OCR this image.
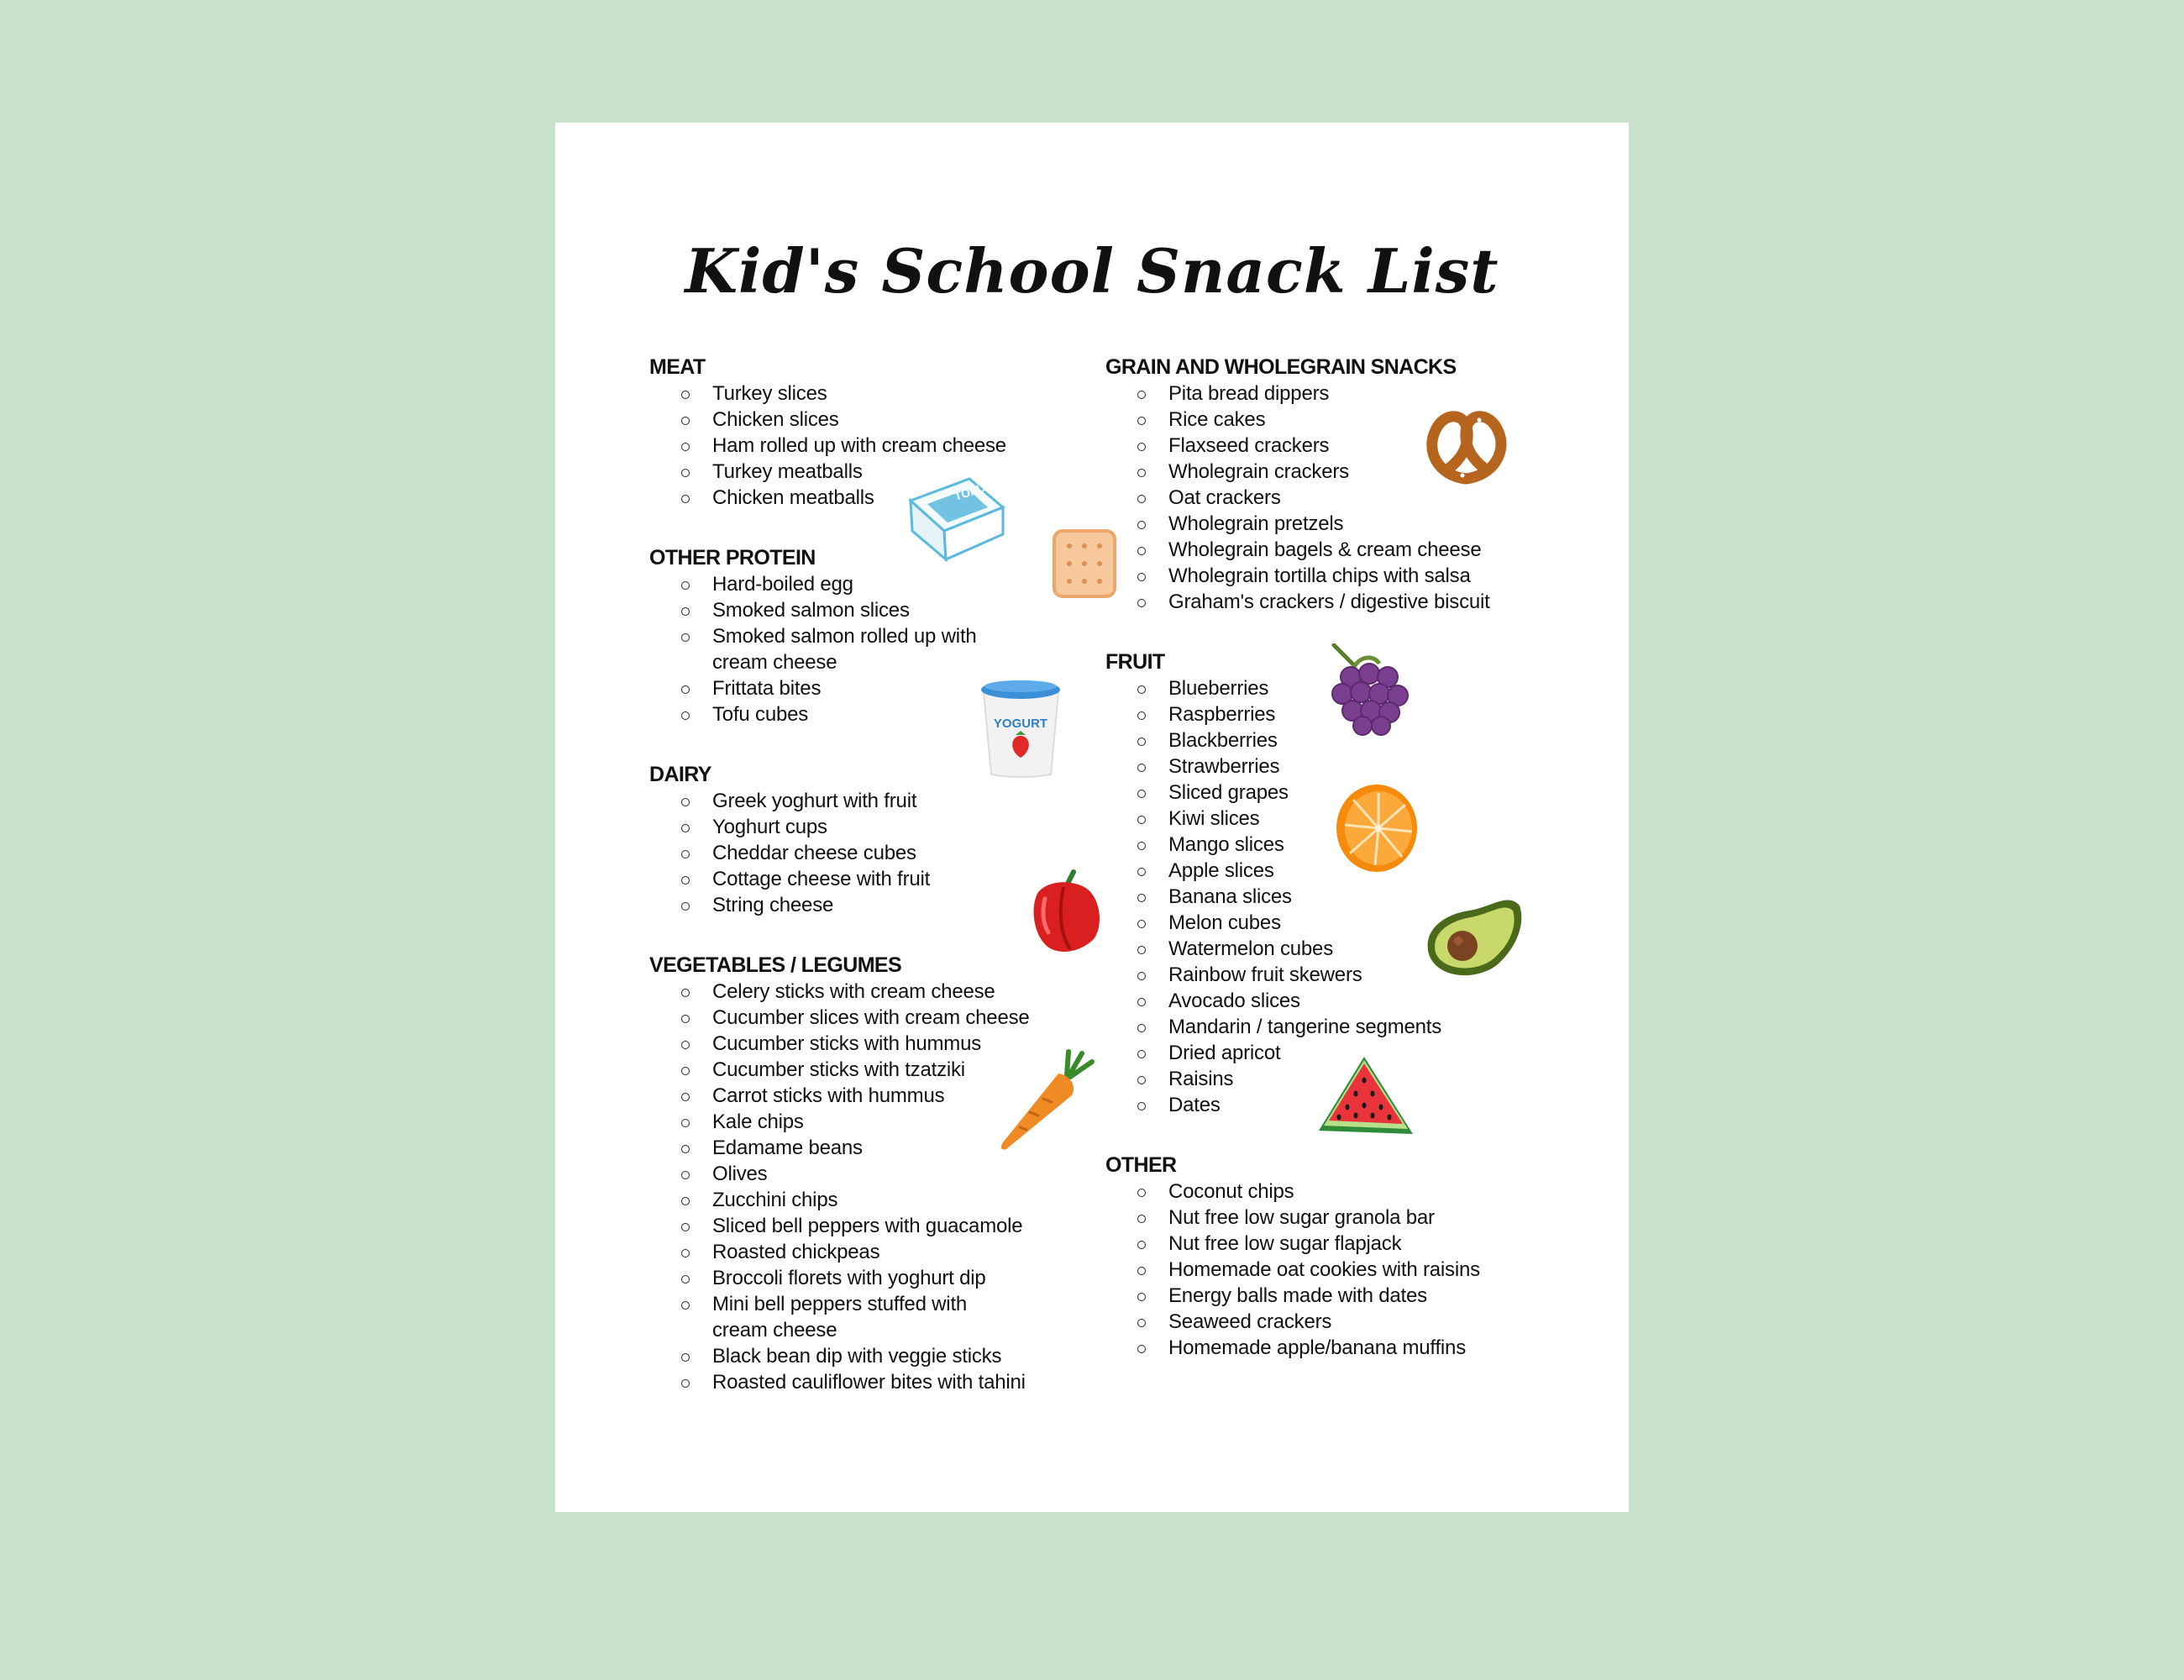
Kid's School Snack List
MEAT
Turkey slices
Chicken slices
Ham rolled up with cream cheese
Turkey meatballs
Chicken meatballs
OTHER PROTEIN
Hard-boiled egg
Smoked salmon slices
Smoked salmon rolled up with cream cheese
Frittata bites
Tofu cubes
DAIRY
Greek yoghurt with fruit
Yoghurt cups
Cheddar cheese cubes
Cottage cheese with fruit
String cheese
VEGETABLES / LEGUMES
Celery sticks with cream cheese
Cucumber slices with cream cheese
Cucumber sticks with hummus
Cucumber sticks with tzatziki
Carrot sticks with hummus
Kale chips
Edamame beans
Olives
Zucchini chips
Sliced bell peppers with guacamole
Roasted chickpeas
Broccoli florets with yoghurt dip
Mini bell peppers stuffed with cream cheese
Black bean dip with veggie sticks
Roasted cauliflower bites with tahini
GRAIN AND WHOLEGRAIN SNACKS
Pita bread dippers
Rice cakes
Flaxseed crackers
Wholegrain crackers
Oat crackers
Wholegrain pretzels
Wholegrain bagels & cream cheese
Wholegrain tortilla chips with salsa
Graham's crackers / digestive biscuit
FRUIT
Blueberries
Raspberries
Blackberries
Strawberries
Sliced grapes
Kiwi slices
Mango slices
Apple slices
Banana slices
Melon cubes
Watermelon cubes
Rainbow fruit skewers
Avocado slices
Mandarin / tangerine segments
Dried apricot
Raisins
Dates
OTHER
Coconut chips
Nut free low sugar granola bar
Nut free low sugar flapjack
Homemade oat cookies with raisins
Energy balls made with dates
Seaweed crackers
Homemade apple/banana muffins
TOFU
YOGURT
